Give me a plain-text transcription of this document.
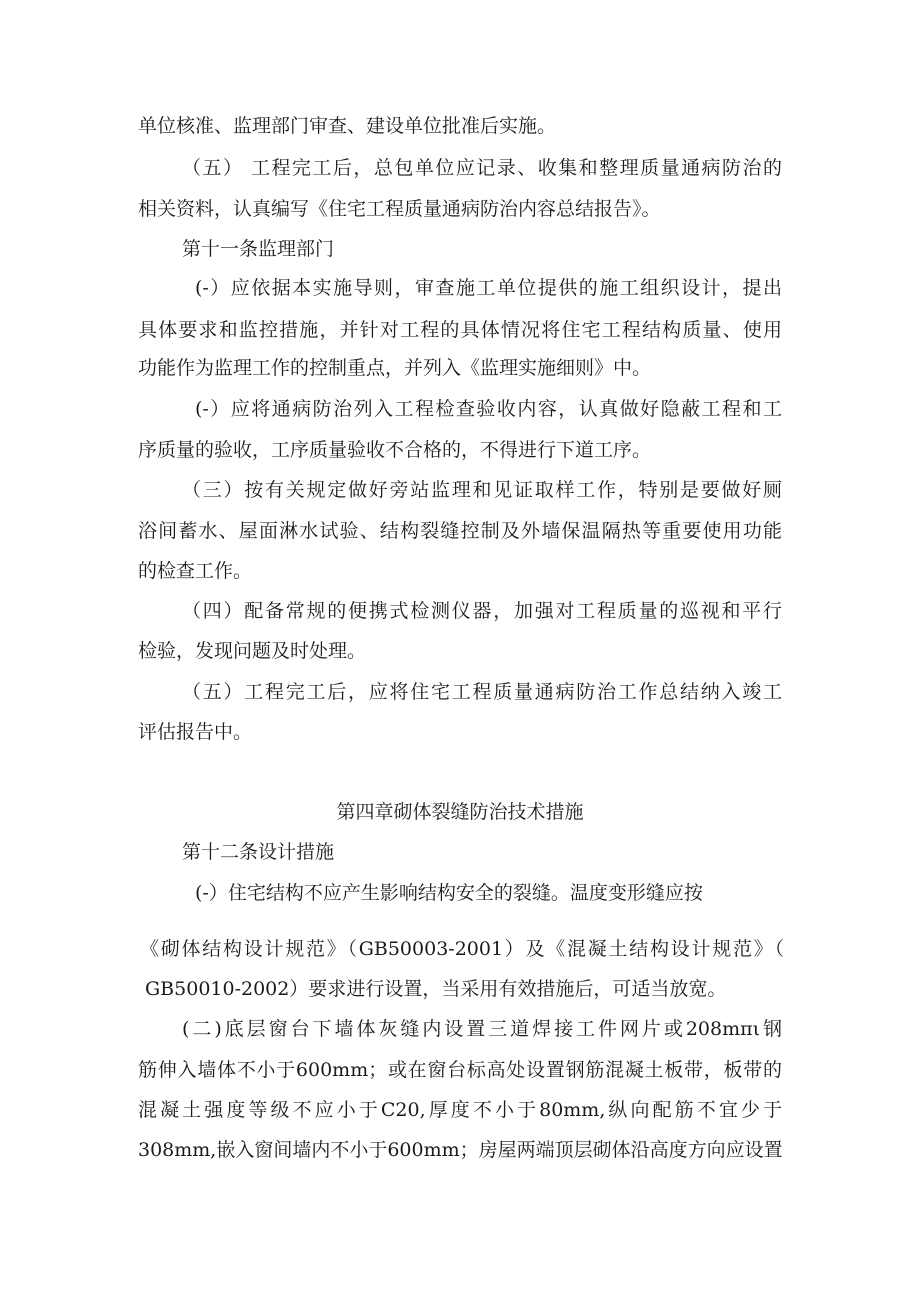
单位核准、监理部门审查、建设单位批准后实施。
（五） 工程完工后，总包单位应记录、收集和整理质量通病防治的
相关资料，认真编写《住宅工程质量通病防治内容总结报告》。
第十一条监理部门
(-）应依据本实施导则，审查施工单位提供的施工组织设计，提出
具体要求和监控措施，并针对工程的具体情况将住宅工程结构质量、使用
功能作为监理工作的控制重点，并列入《监理实施细则》中。
(-）应将通病防治列入工程检查验收内容，认真做好隐蔽工程和工
序质量的验收，工序质量验收不合格的，不得进行下道工序。
（三）按有关规定做好旁站监理和见证取样工作，特别是要做好厕
浴间蓄水、屋面淋水试验、结构裂缝控制及外墙保温隔热等重要使用功能
的检查工作。
（四）配备常规的便携式检测仪器，加强对工程质量的巡视和平行
检验，发现问题及时处理。
（五）工程完工后，应将住宅工程质量通病防治工作总结纳入竣工
评估报告中。
第四章砌体裂缝防治技术措施
第十二条设计措施
(-）住宅结构不应产生影响结构安全的裂缝。温度变形缝应按
《砌体结构设计规范》（GB50003-2001）及《混凝土结构设计规范》（
GB50010-2002）要求进行设置，当采用有效措施后，可适当放宽。
(二)底层窗台下墙体灰缝内设置三道焊接工件网片或208mπι钢
筋伸入墙体不小于600mm；或在窗台标高处设置钢筋混凝土板带，板带的
混凝土强度等级不应小于C20,厚度不小于80mm,纵向配筋不宜少于
308mm,嵌入窗间墙内不小于600mm；房屋两端顶层砌体沿高度方向应设置
